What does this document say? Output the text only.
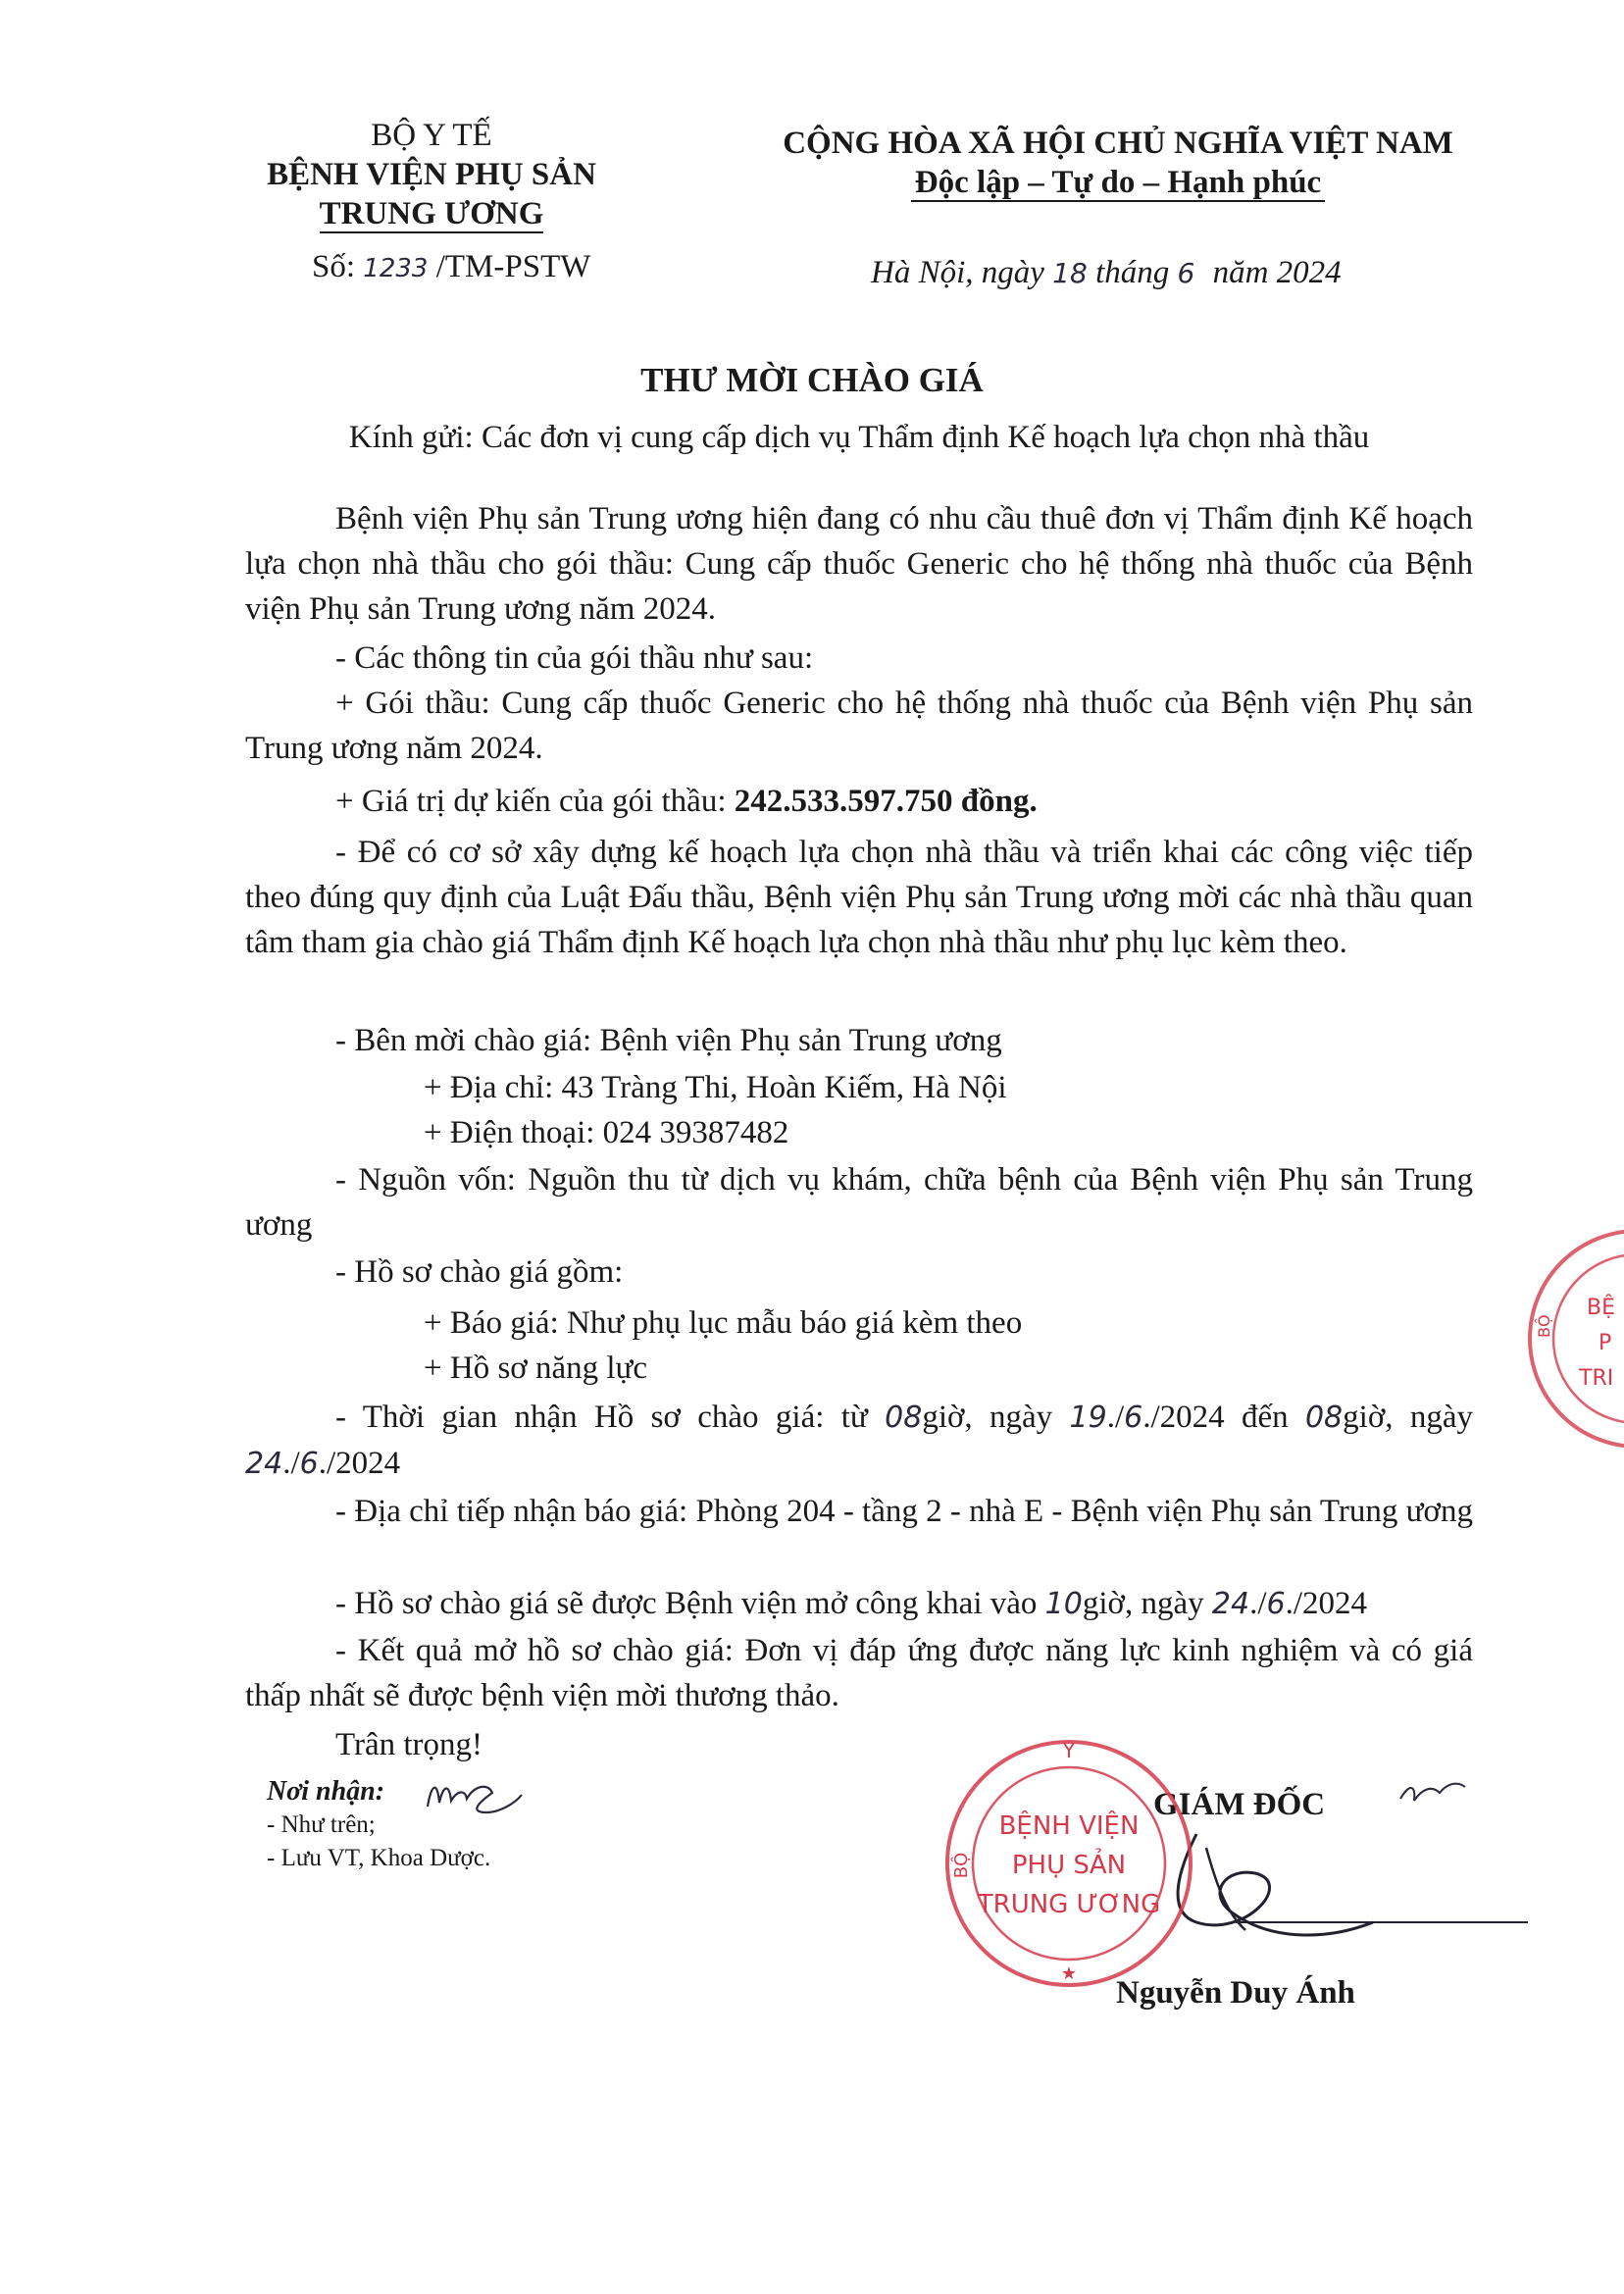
BỘ Y TẾ
BỆNH VIỆN PHỤ SẢN
TRUNG ƯƠNG
Số: 1233 /TM-PSTW
CỘNG HÒA XÃ HỘI CHỦ NGHĨA VIỆT NAM
Độc lập – Tự do – Hạnh phúc
Hà Nội, ngày 18 tháng 6 năm 2024
THƯ MỜI CHÀO GIÁ
Kính gửi: Các đơn vị cung cấp dịch vụ Thẩm định Kế hoạch lựa chọn nhà thầu
Bệnh viện Phụ sản Trung ương hiện đang có nhu cầu thuê đơn vị Thẩm định Kế hoạch lựa chọn nhà thầu cho gói thầu: Cung cấp thuốc Generic cho hệ thống nhà thuốc của Bệnh viện Phụ sản Trung ương năm 2024.
- Các thông tin của gói thầu như sau:
+ Gói thầu: Cung cấp thuốc Generic cho hệ thống nhà thuốc của Bệnh viện Phụ sản Trung ương năm 2024.
+ Giá trị dự kiến của gói thầu: 242.533.597.750 đồng.
- Để có cơ sở xây dựng kế hoạch lựa chọn nhà thầu và triển khai các công việc tiếp theo đúng quy định của Luật Đấu thầu, Bệnh viện Phụ sản Trung ương mời các nhà thầu quan tâm tham gia chào giá Thẩm định Kế hoạch lựa chọn nhà thầu như phụ lục kèm theo.
- Bên mời chào giá: Bệnh viện Phụ sản Trung ương
+ Địa chỉ: 43 Tràng Thi, Hoàn Kiếm, Hà Nội
+ Điện thoại: 024 39387482
- Nguồn vốn: Nguồn thu từ dịch vụ khám, chữa bệnh của Bệnh viện Phụ sản Trung ương
- Hồ sơ chào giá gồm:
+ Báo giá: Như phụ lục mẫu báo giá kèm theo
+ Hồ sơ năng lực
- Thời gian nhận Hồ sơ chào giá: từ 08giờ, ngày 19./6./2024 đến 08giờ, ngày 24./6./2024
- Địa chỉ tiếp nhận báo giá: Phòng 204 - tầng 2 - nhà E - Bệnh viện Phụ sản Trung ương
- Hồ sơ chào giá sẽ được Bệnh viện mở công khai vào 10giờ, ngày 24./6./2024
- Kết quả mở hồ sơ chào giá: Đơn vị đáp ứng được năng lực kinh nghiệm và có giá thấp nhất sẽ được bệnh viện mời thương thảo.
Trân trọng!
Nơi nhận:
- Như trên;
- Lưu VT, Khoa Dược.
GIÁM ĐỐC
Y
BỘ
BỆNH VIỆN
PHỤ SẢN
TRUNG ƯƠNG
★
Nguyễn Duy Ánh
BỘ
BỆ
P
TRI
